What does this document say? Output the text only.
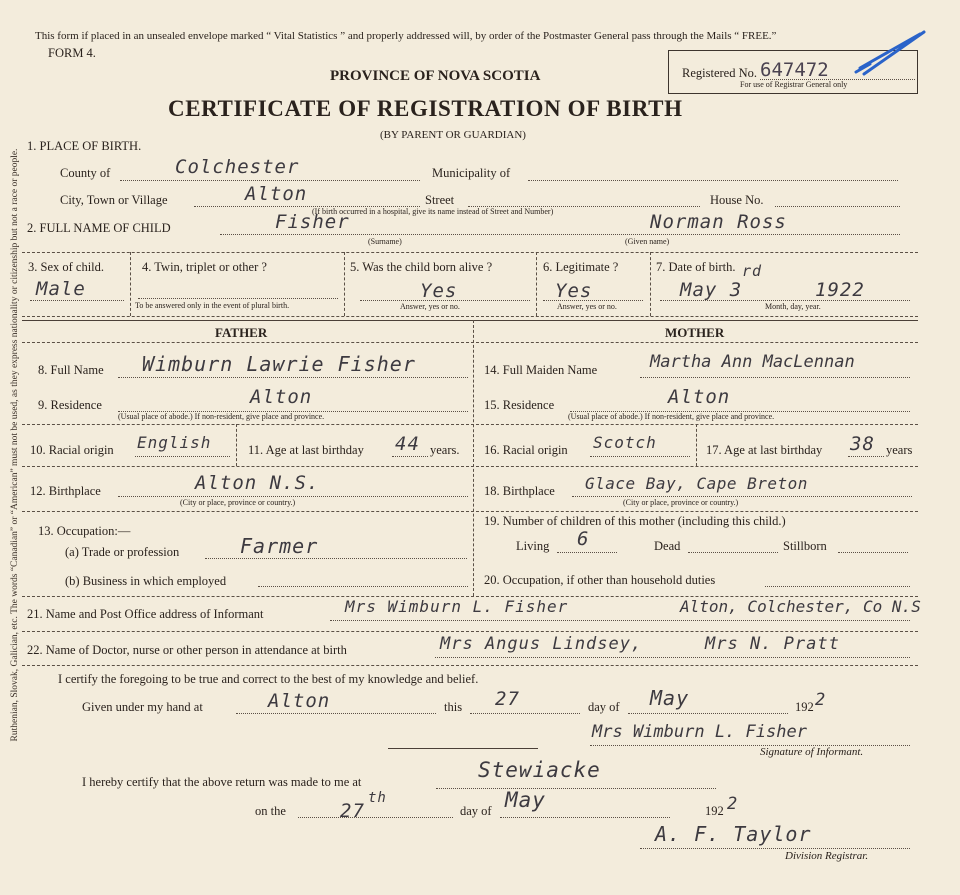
Ruthenian, Slovak, Galician, etc. The words “Canadian” or “American” must not be used, as they express nationality or citizenship but not a race or people.
This form if placed in an unsealed envelope marked “ Vital Statistics ” and properly addressed will, by order of the Postmaster General pass through the Mails “ FREE.”
FORM 4.
PROVINCE OF NOVA SCOTIA
CERTIFICATE OF REGISTRATION OF BIRTH
(BY PARENT OR GUARDIAN)
Registered No. 647472
For use of Registrar General only
1. PLACE OF BIRTH.
County of	Colchester	Municipality of
City, Town or Village	Alton	Street	House No.
(If birth occurred in a hospital, give its name instead of Street and Number)
2. FULL NAME OF CHILD	Fisher	Norman Ross
(Surname)	(Given name)
3. Sex of child.
Male
4. Twin, triplet or other ?
To be answered only in the event of plural birth.
5. Was the child born alive ?
Yes
Answer, yes or no.
6. Legitimate ?
Yes
Answer, yes or no.
7. Date of birth.
May 3
rd
1922
Month, day, year.
FATHER	MOTHER
8. Full Name Wimburn Lawrie Fisher
9. Residence	Alton
(Usual place of abode.) If non-resident, give place and province.
10. Racial origin English	11. Age at last birthday 44 years.
12. Birthplace	Alton N.S.
(City or place, province or country.)
13. Occupation:—
(a) Trade or profession	Farmer
(b) Business in which employed
14. Full Maiden Name	Martha Ann MacLennan
15. Residence	Alton
(Usual place of abode.) If non-resident, give place and province.
16. Racial origin Scotch	17. Age at last birthday 38 years
18. Birthplace Glace Bay, Cape Breton
(City or place, province or country.)
19. Number of children of this mother (including this child.)
Living 6	Dead	Stillborn
20. Occupation, if other than household duties
21. Name and Post Office address of Informant	Mrs Wimburn L. Fisher	Alton, Colchester, Co N.S
22. Name of Doctor, nurse or other person in attendance at birth	Mrs Angus Lindsey,	Mrs N. Pratt
I certify the foregoing to be true and correct to the best of my knowledge and belief.
Given under my hand at	Alton	this 27	day of May	192 2
Mrs Wimburn L. Fisher
Signature of Informant.
I hereby certify that the above return was made to me at	Stewiacke
on the	27
th
day of May	192 2
A. F. Taylor
Division Registrar.
